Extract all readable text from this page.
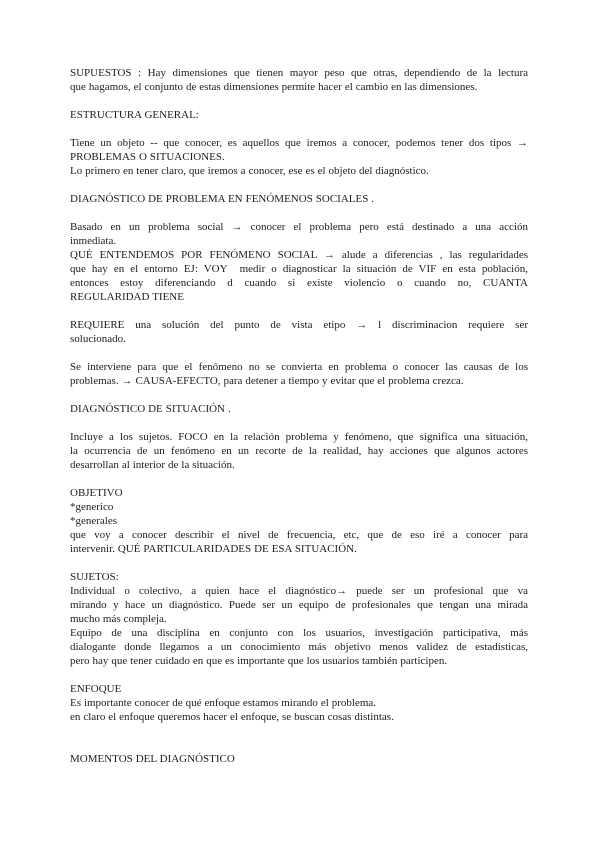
SUPUESTOS : Hay dimensiones que tienen mayor peso que otras, dependiendo de la lectura
que hagamos, el conjunto de estas dimensiones permite hacer el cambio en las dimensiones.
ESTRUCTURA GENERAL:
Tiene un objeto -- que conocer, es aquellos que iremos a conocer, podemos tener dos tipos →
PROBLEMAS O SITUACIONES.
Lo primero en tener claro, que iremos a conocer, ese es el objeto del diagnóstico.
DIAGNÓSTICO DE PROBLEMA EN FENÓMENOS SOCIALES .
Basado en un problema social → conocer el problema pero está destinado a una acción
inmediata.
QUÉ ENTENDEMOS POR FENÓMENO SOCIAL → alude a diferencias , las regularidades
que hay en el entorno EJ: VOY  medir o diagnosticar la situación de VIF en esta población,
entonces estoy diferenciando d cuando si existe violencio o cuando no, CUANTA
REGULARIDAD TIENE
REQUIERE una solución del punto de vista etipo → l discriminacion requiere ser
solucionado.
Se interviene para que el fenómeno no se convierta en problema o conocer las causas de los
problemas. → CAUSA-EFECTO, para detener a tiempo y evitar que el problema crezca.
DIAGNÓSTICO DE SITUACIÓN .
Incluye a los sujetos. FOCO en la relación problema y fenómeno, que significa una situación,
la ocurrencia de un fenómeno en un recorte de la realidad, hay acciones que algunos actores
desarrollan al interior de la situación.
OBJETIVO
*generico
*generales
que voy a conocer describir el nivel de frecuencia, etc, que de eso iré a conocer para
intervenir. QUÉ PARTICULARIDADES DE ESA SITUACIÓN.
SUJETOS:
Individual o colectivo, a quien hace el diagnóstico→ puede ser un profesional que va
mirando y hace un diagnóstico. Puede ser un equipo de profesionales que tengan una mirada
mucho más compleja.
Equipo de una disciplina en conjunto con los usuarios, investigación participativa, más
dialogante donde llegamos a un conocimiento más objetivo menos validez de estadísticas,
pero hay que tener cuidado en que es importante que los usuarios también participen.
ENFOQUE
Es importante conocer de qué enfoque estamos mirando el problema.
en claro el enfoque queremos hacer el enfoque, se buscan cosas distintas.
MOMENTOS DEL DIAGNÓSTICO
